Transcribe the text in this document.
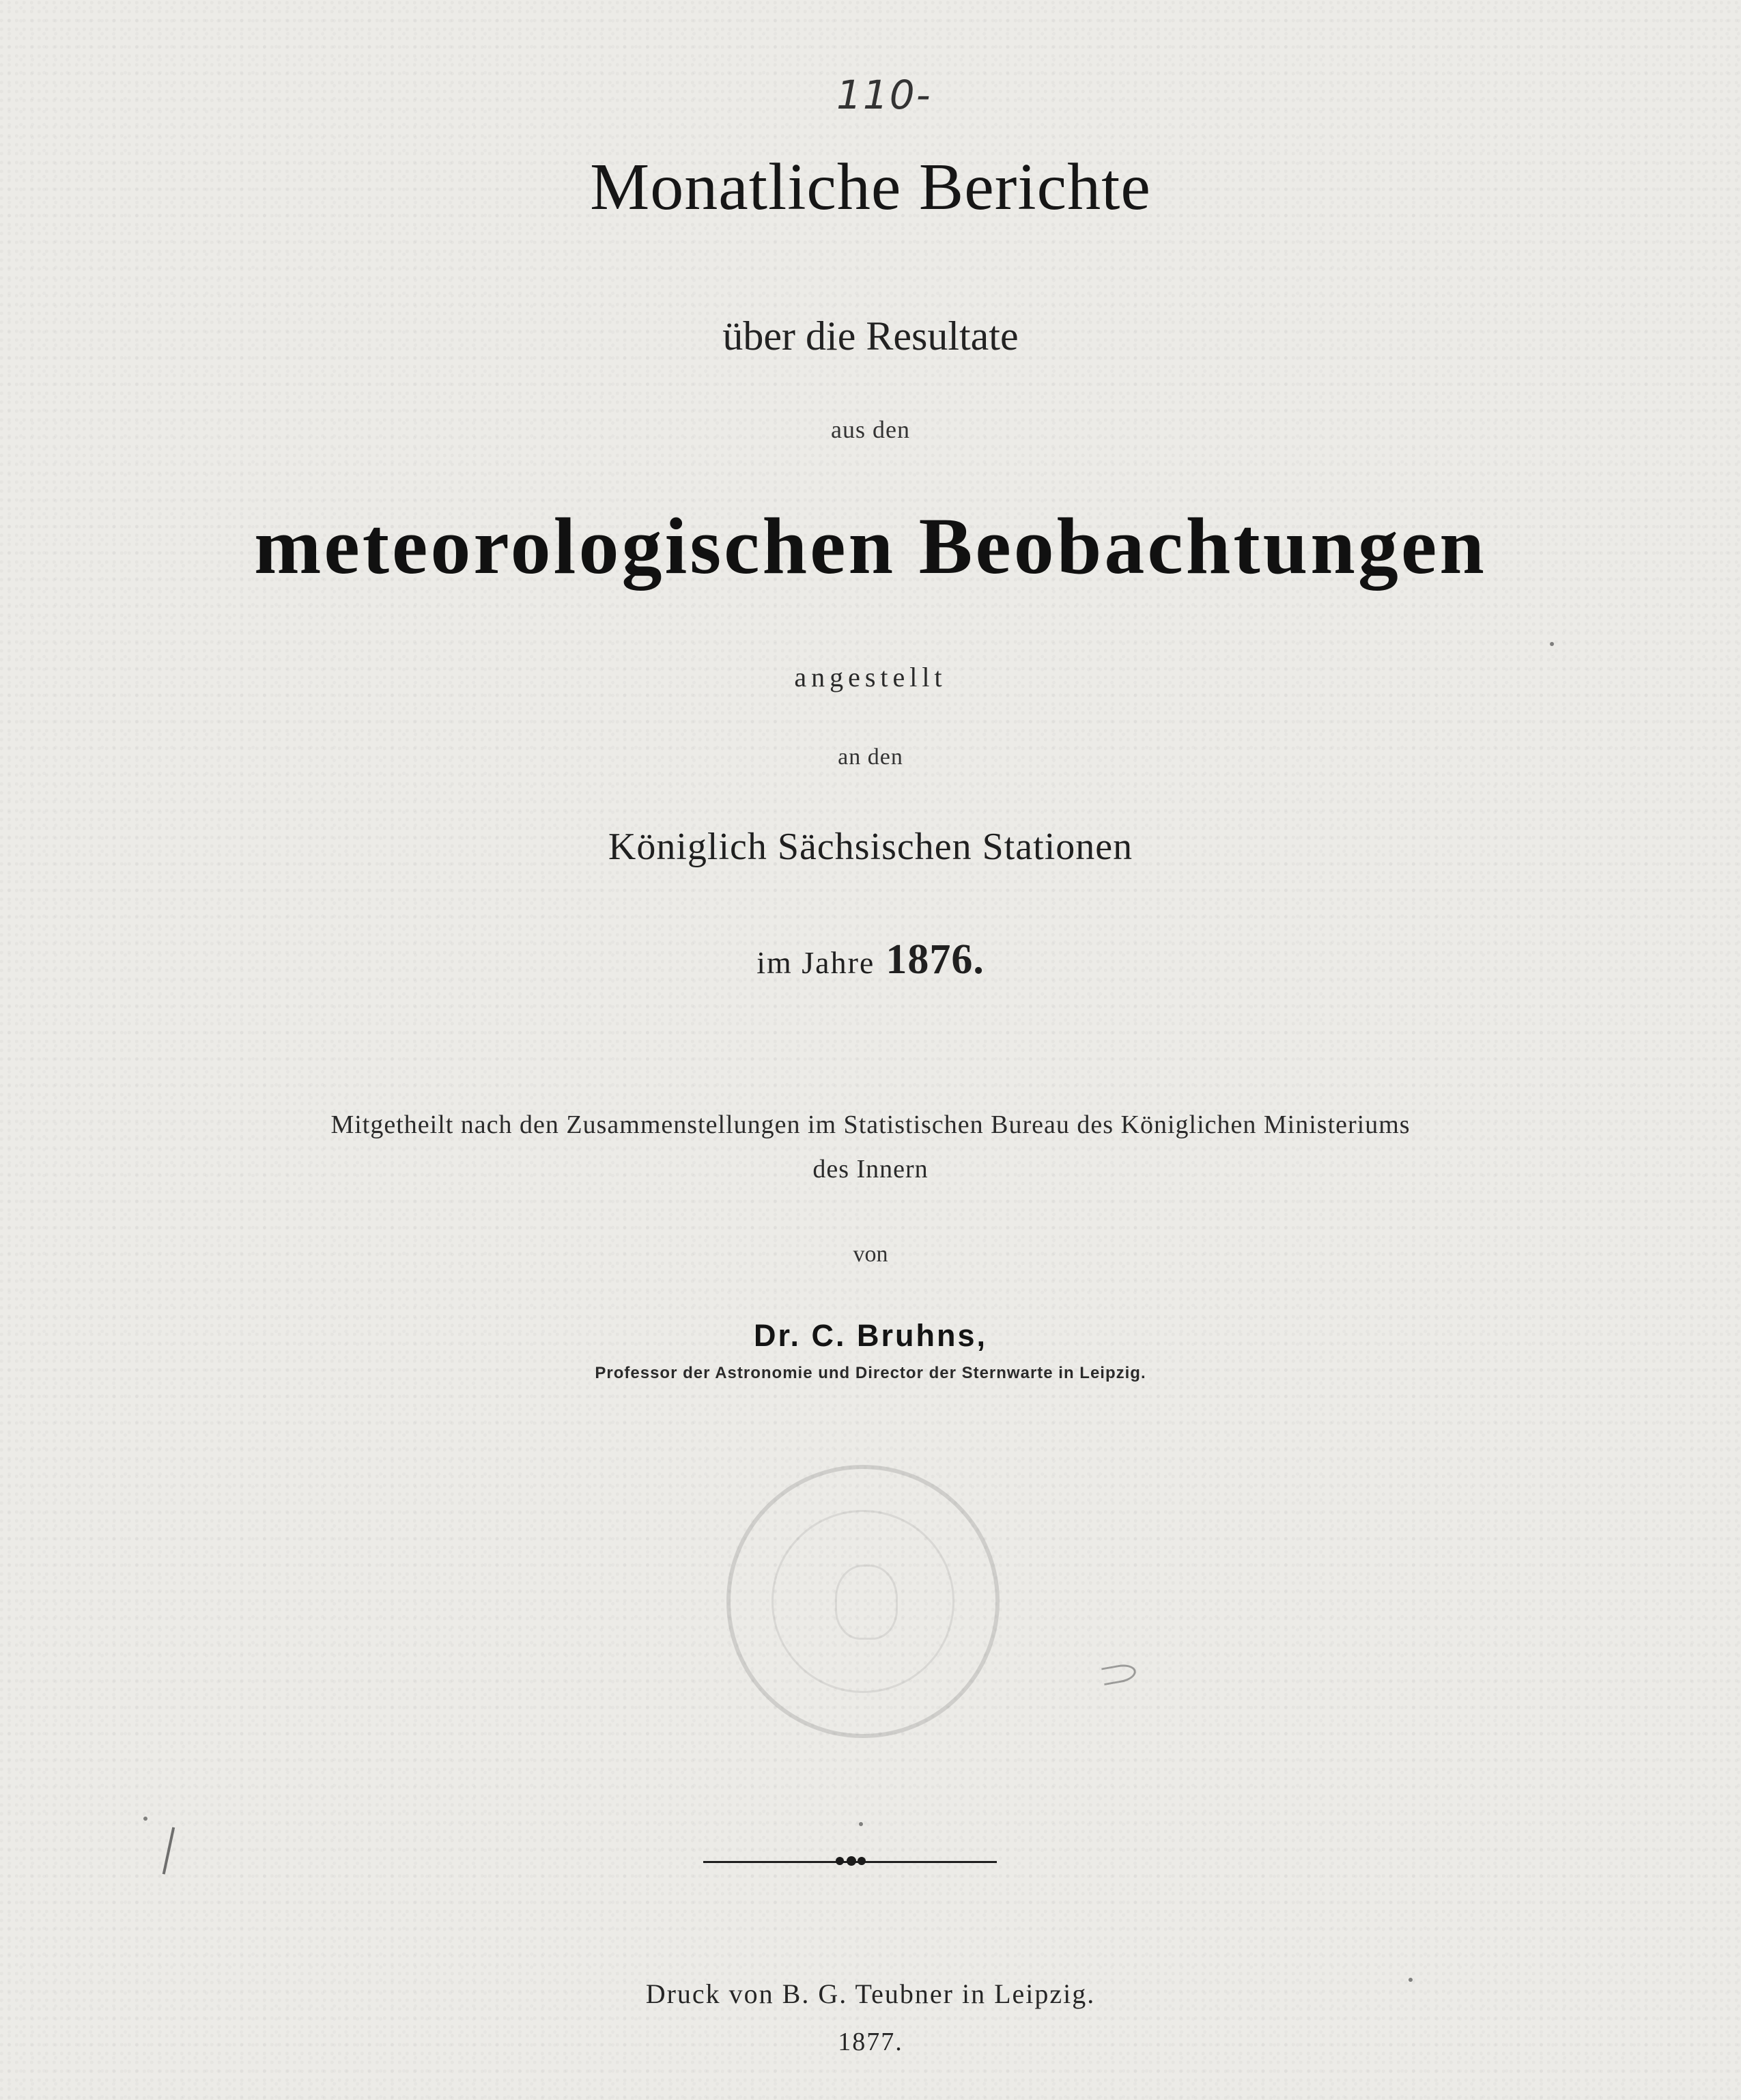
110-
Monatliche Berichte
über die Resultate
aus den
meteorologischen Beobachtungen
angestellt
an den
Königlich Sächsischen Stationen
im Jahre 1876.
Mitgetheilt nach den Zusammenstellungen im Statistischen Bureau des Königlichen Ministeriums
des Innern
von
Dr. C. Bruhns,
Professor der Astronomie und Director der Sternwarte in Leipzig.
Druck von B. G. Teubner in Leipzig.
1877.
